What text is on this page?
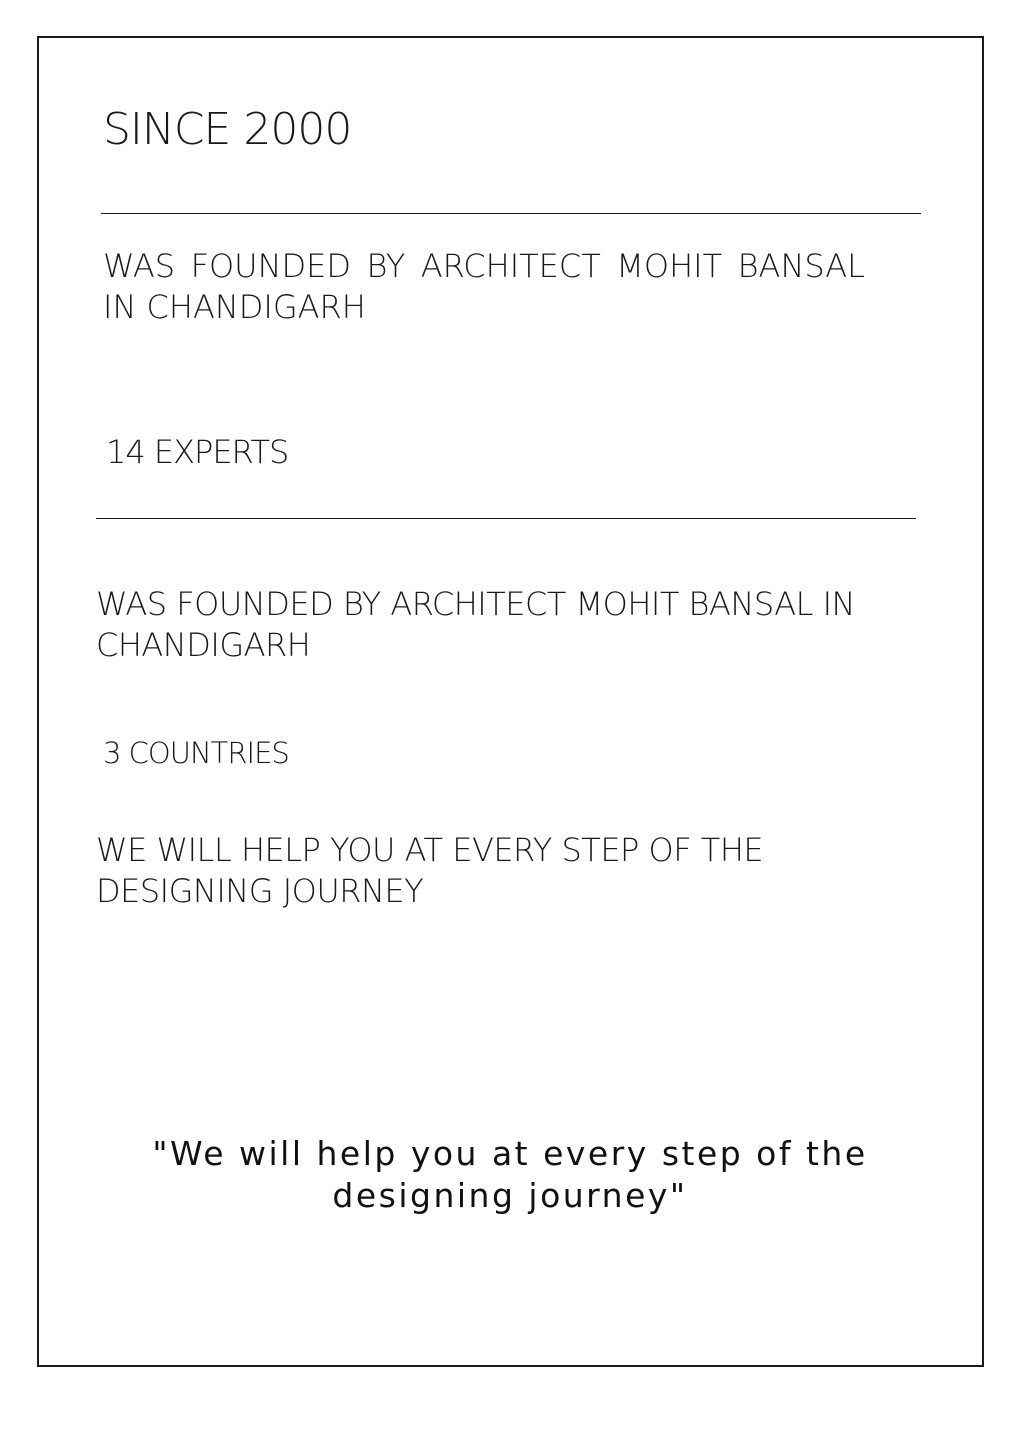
SINCE 2000

WAS FOUNDED BY ARCHITECT MOHIT BANSAL IN CHANDIGARH

14 EXPERTS

WAS FOUNDED BY ARCHITECT MOHIT BANSAL IN CHANDIGARH

3 COUNTRIES

WE WILL HELP YOU AT EVERY STEP OF THE DESIGNING JOURNEY

"We will help you at every step of the designing journey"
